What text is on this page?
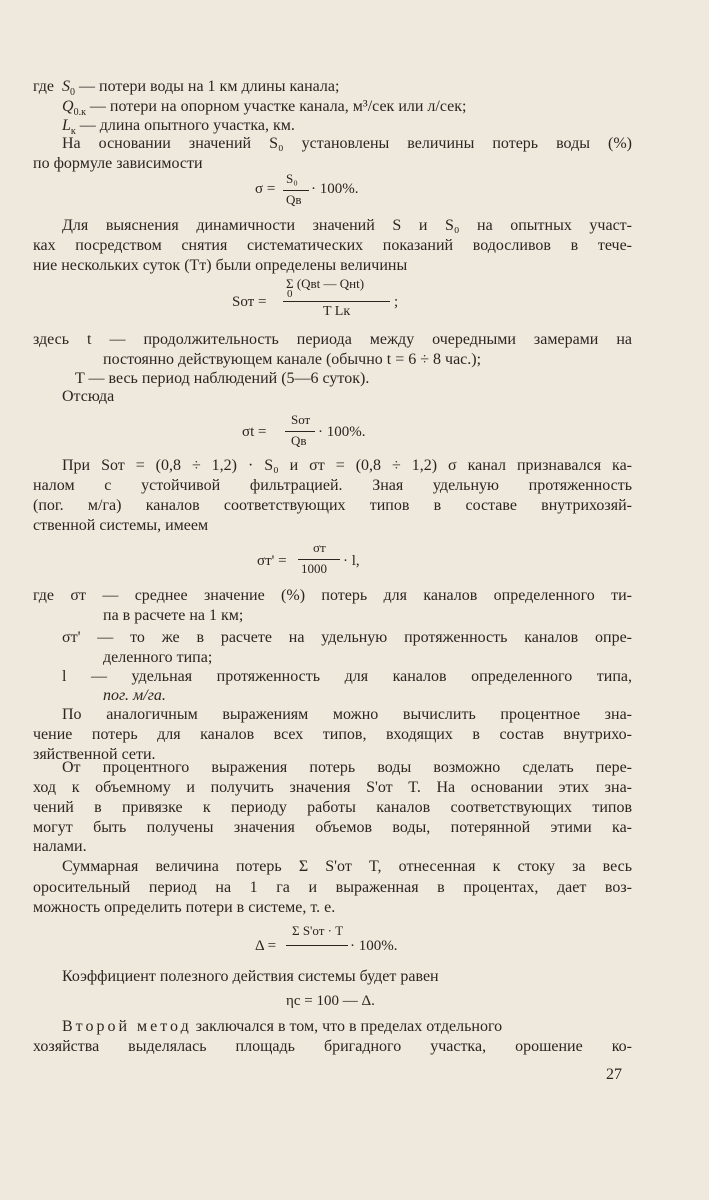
где $S_0$ — потери воды на 1 км длины канала;
$Q_{0.к}$ — потери на опорном участке канала, м³/сек или л/сек;
$L_к$ — длина опытного участка, км.
На основании значений S₀ установлены величины потерь воды (%)
по формуле зависимости
σ =
S₀
Qв
· 100%.
Для выяснения динамичности значений S и S₀ на опытных участ-
ках посредством снятия систематических показаний водосливов в тече-
ние нескольких суток (Tт) были определены величины
Sот =
Σ (Qвt — Qнt)
0
T Lк
;
здесь t — продолжительность периода между очередными замерами на
постоянно действующем канале (обычно t = 6 ÷ 8 час.);
T — весь период наблюдений (5—6 суток).
Отсюда
σt =
Sот
Qв
· 100%.
При Sот = (0,8 ÷ 1,2) · S₀ и σт = (0,8 ÷ 1,2) σ канал признавался ка-
налом с устойчивой фильтрацией. Зная удельную протяженность
(пог. м/га) каналов соответствующих типов в составе внутрихозяй-
ственной системы, имеем
σт' =
σт
1000 · l,
где σт — среднее значение (%) потерь для каналов определенного ти-
па в расчете на 1 км;
σт' — то же в расчете на удельную протяженность каналов опре-
деленного типа;
l — удельная протяженность для каналов определенного типа,
пог. м/га.
По аналогичным выражениям можно вычислить процентное зна-
чение потерь для каналов всех типов, входящих в состав внутрихо-
зяйственной сети.
От процентного выражения потерь воды возможно сделать пере-
ход к объемному и получить значения S'от T. На основании этих зна-
чений в привязке к периоду работы каналов соответствующих типов
могут быть получены значения объемов воды, потерянной этими ка-
налами.
Суммарная величина потерь Σ S'от T, отнесенная к стоку за весь
оросительный период на 1 га и выраженная в процентах, дает воз-
можность определить потери в системе, т. е.
Δ =
Σ S'от · T
· 100%.
Коэффициент полезного действия системы будет равен
ηс = 100 — Δ.
Второй метод заключался в том, что в пределах отдельного
хозяйства выделялась площадь бригадного участка, орошение ко-
27
